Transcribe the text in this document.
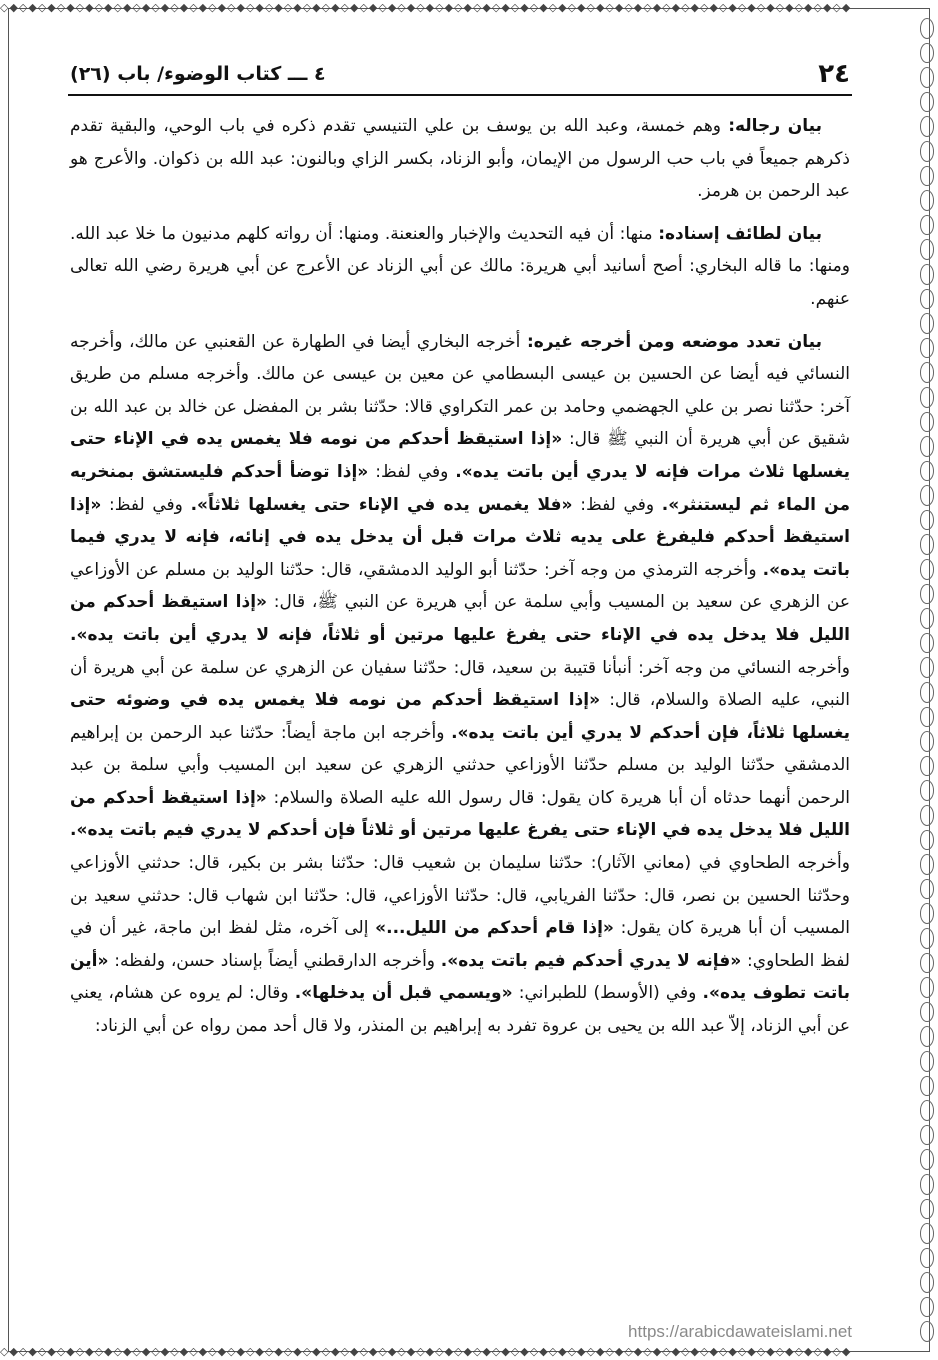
◇◆◇◆◇◆◇◆◇◆◇◆◇◆◇◆◇◆◇◆◇◆◇◆◇◆◇◆◇◆◇◆◇◆◇◆◇◆◇◆◇◆◇◆◇◆◇◆◇◆◇◆◇◆◇◆◇◆◇◆◇◆◇◆◇◆◇◆◇◆◇◆◇◆◇◆◇◆◇◆◇◆◇◆◇◆◇◆◇◆
◇◆◇◆◇◆◇◆◇◆◇◆◇◆◇◆◇◆◇◆◇◆◇◆◇◆◇◆◇◆◇◆◇◆◇◆◇◆◇◆◇◆◇◆◇◆◇◆◇◆◇◆◇◆◇◆◇◆◇◆◇◆◇◆◇◆◇◆◇◆◇◆◇◆◇◆◇◆◇◆◇◆◇◆◇◆◇◆◇◆
٢٤
٤ ـــ كتاب الوضوء/ باب (٢٦)

بيان رجاله: وهم خمسة، وعبد الله بن يوسف بن علي التنيسي تقدم ذكره في باب الوحي، والبقية تقدم ذكرهم جميعاً في باب حب الرسول من الإيمان، وأبو الزناد، بكسر الزاي وبالنون: عبد الله بن ذكوان. والأعرج هو عبد الرحمن بن هرمز.

بيان لطائف إسناده: منها: أن فيه التحديث والإخبار والعنعنة. ومنها: أن رواته كلهم مدنيون ما خلا عبد الله. ومنها: ما قاله البخاري: أصح أسانيد أبي هريرة: مالك عن أبي الزناد عن الأعرج عن أبي هريرة رضي الله تعالى عنهم.

بيان تعدد موضعه ومن أخرجه غيره: أخرجه البخاري أيضا في الطهارة عن القعنبي عن مالك، وأخرجه النسائي فيه أيضا عن الحسين بن عيسى البسطامي عن معين بن عيسى عن مالك. وأخرجه مسلم من طريق آخر: حدّثنا نصر بن علي الجهضمي وحامد بن عمر التكراوي قالا: حدّثنا بشر بن المفضل عن خالد بن عبد الله بن شقيق عن أبي هريرة أن النبي ﷺ قال: «إذا استيقظ أحدكم من نومه فلا يغمس يده في الإناء حتى يغسلها ثلاث مرات فإنه لا يدري أين باتت يده». وفي لفظ: «إذا توضأ أحدكم فليستشق بمنخريه من الماء ثم ليستنثر». وفي لفظ: «فلا يغمس يده في الإناء حتى يغسلها ثلاثاً». وفي لفظ: «إذا استيقظ أحدكم فليفرغ على يديه ثلاث مرات قبل أن يدخل يده في إنائه، فإنه لا يدري فيما باتت يده». وأخرجه الترمذي من وجه آخر: حدّثنا أبو الوليد الدمشقي، قال: حدّثنا الوليد بن مسلم عن الأوزاعي عن الزهري عن سعيد بن المسيب وأبي سلمة عن أبي هريرة عن النبي ﷺ، قال: «إذا استيقظ أحدكم من الليل فلا يدخل يده في الإناء حتى يفرغ عليها مرتين أو ثلاثاً، فإنه لا يدري أين باتت يده». وأخرجه النسائي من وجه آخر: أنبأنا قتيبة بن سعيد، قال: حدّثنا سفيان عن الزهري عن سلمة عن أبي هريرة أن النبي، عليه الصلاة والسلام، قال: «إذا استيقظ أحدكم من نومه فلا يغمس يده في وضوئه حتى يغسلها ثلاثاً، فإن أحدكم لا يدري أين باتت يده». وأخرجه ابن ماجة أيضاً: حدّثنا عبد الرحمن بن إبراهيم الدمشقي حدّثنا الوليد بن مسلم حدّثنا الأوزاعي حدثني الزهري عن سعيد ابن المسيب وأبي سلمة بن عبد الرحمن أنهما حدثاه أن أبا هريرة كان يقول: قال رسول الله عليه الصلاة والسلام: «إذا استيقظ أحدكم من الليل فلا يدخل يده في الإناء حتى يفرغ عليها مرتين أو ثلاثاً فإن أحدكم لا يدري فيم باتت يده». وأخرجه الطحاوي في (معاني الآثار): حدّثنا سليمان بن شعيب قال: حدّثنا بشر بن بكير، قال: حدثني الأوزاعي وحدّثنا الحسين بن نصر، قال: حدّثنا الفريابي، قال: حدّثنا الأوزاعي، قال: حدّثنا ابن شهاب قال: حدثني سعيد بن المسيب أن أبا هريرة كان يقول: «إذا قام أحدكم من الليل...» إلى آخره، مثل لفظ ابن ماجة، غير أن في لفظ الطحاوي: «فإنه لا يدري أحدكم فيم باتت يده». وأخرجه الدارقطني أيضاً بإسناد حسن، ولفظه: «أين باتت تطوف يده». وفي (الأوسط) للطبراني: «ويسمي قبل أن يدخلها». وقال: لم يروه عن هشام، يعني عن أبي الزناد، إلاّ عبد الله بن يحيى بن عروة تفرد به إبراهيم بن المنذر، ولا قال أحد ممن رواه عن أبي الزناد:

https://arabicdawateislami.net
